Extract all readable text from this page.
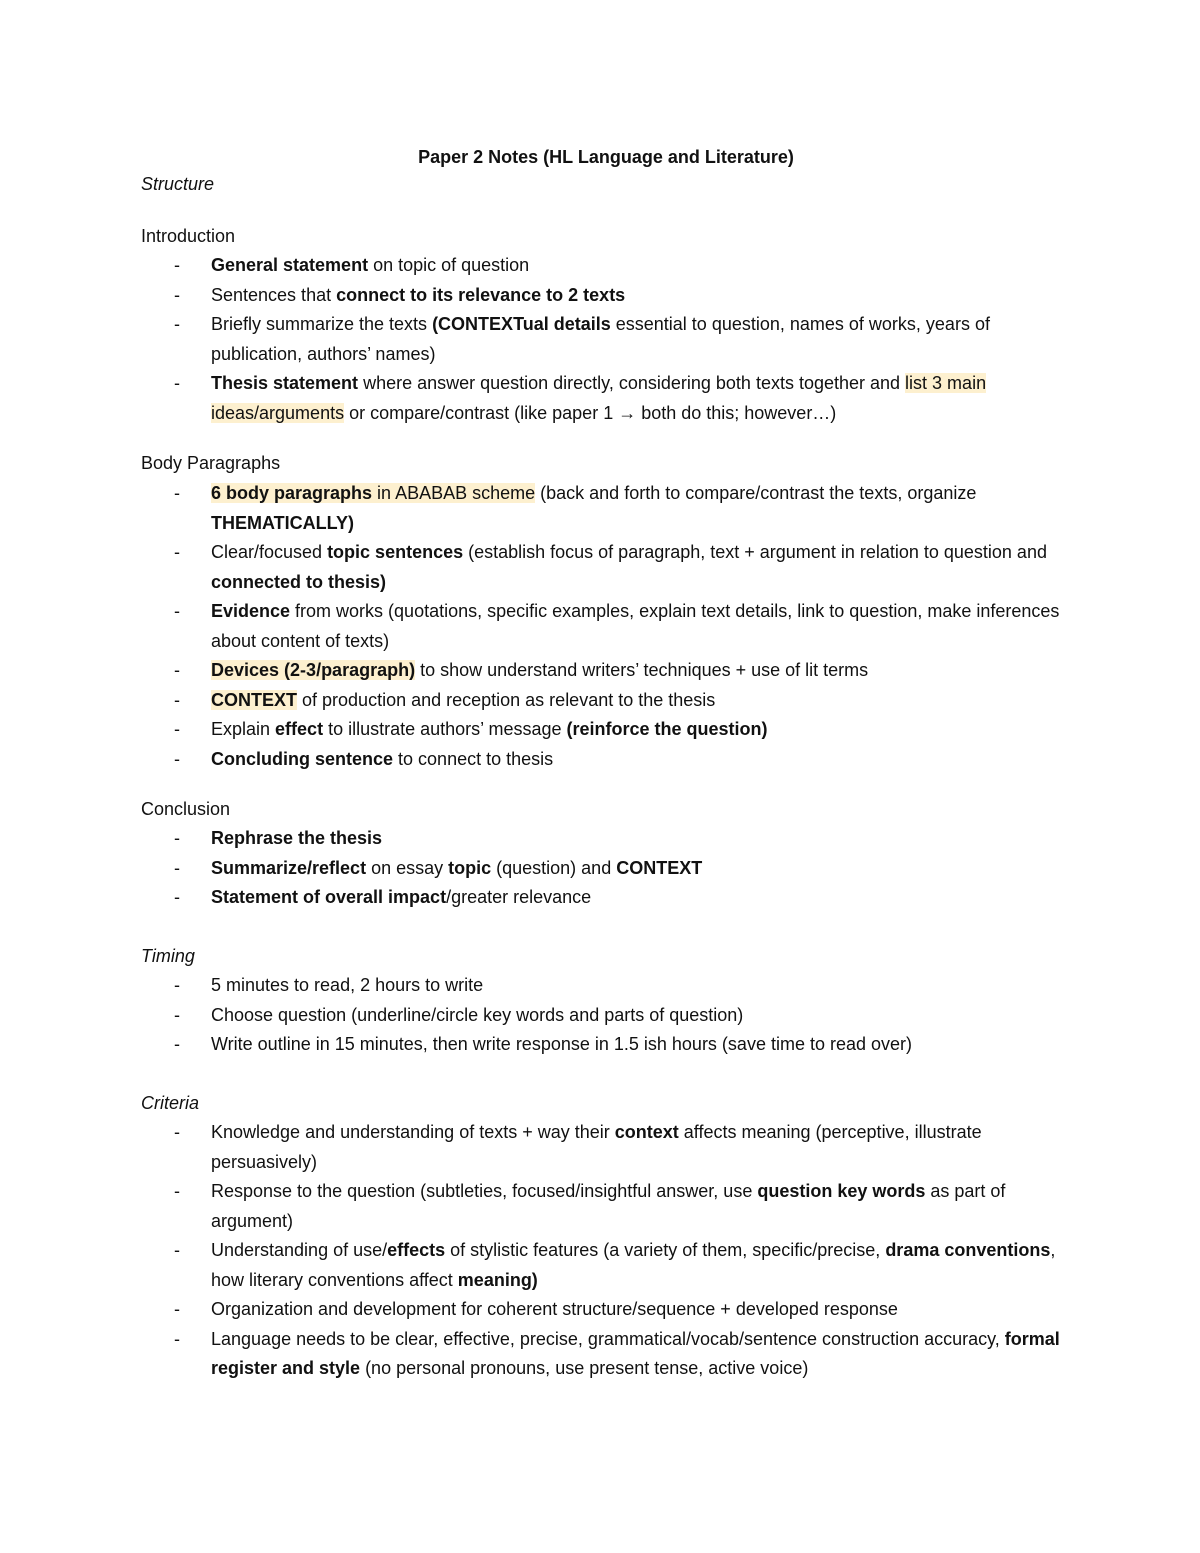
Paper 2 Notes (HL Language and Literature)

Structure

Introduction

- General statement on topic of question
- Sentences that connect to its relevance to 2 texts
- Briefly summarize the texts (CONTEXTual details essential to question, names of works, years of publication, authors’ names)
- Thesis statement where answer question directly, considering both texts together and list 3 main ideas/arguments or compare/contrast (like paper 1 → both do this; however…)

Body Paragraphs

- 6 body paragraphs in ABABAB scheme (back and forth to compare/contrast the texts, organize THEMATICALLY)
- Clear/focused topic sentences (establish focus of paragraph, text + argument in relation to question and connected to thesis)
- Evidence from works (quotations, specific examples, explain text details, link to question, make inferences about content of texts)
- Devices (2-3/paragraph) to show understand writers’ techniques + use of lit terms
- CONTEXT of production and reception as relevant to the thesis
- Explain effect to illustrate authors’ message (reinforce the question)
- Concluding sentence to connect to thesis

Conclusion

- Rephrase the thesis
- Summarize/reflect on essay topic (question) and CONTEXT
- Statement of overall impact/greater relevance

Timing

- 5 minutes to read, 2 hours to write
- Choose question (underline/circle key words and parts of question)
- Write outline in 15 minutes, then write response in 1.5 ish hours (save time to read over)

Criteria

- Knowledge and understanding of texts + way their context affects meaning (perceptive, illustrate persuasively)
- Response to the question (subtleties, focused/insightful answer, use question key words as part of argument)
- Understanding of use/effects of stylistic features (a variety of them, specific/precise, drama conventions, how literary conventions affect meaning)
- Organization and development for coherent structure/sequence + developed response
- Language needs to be clear, effective, precise, grammatical/vocab/sentence construction accuracy, formal register and style (no personal pronouns, use present tense, active voice)
